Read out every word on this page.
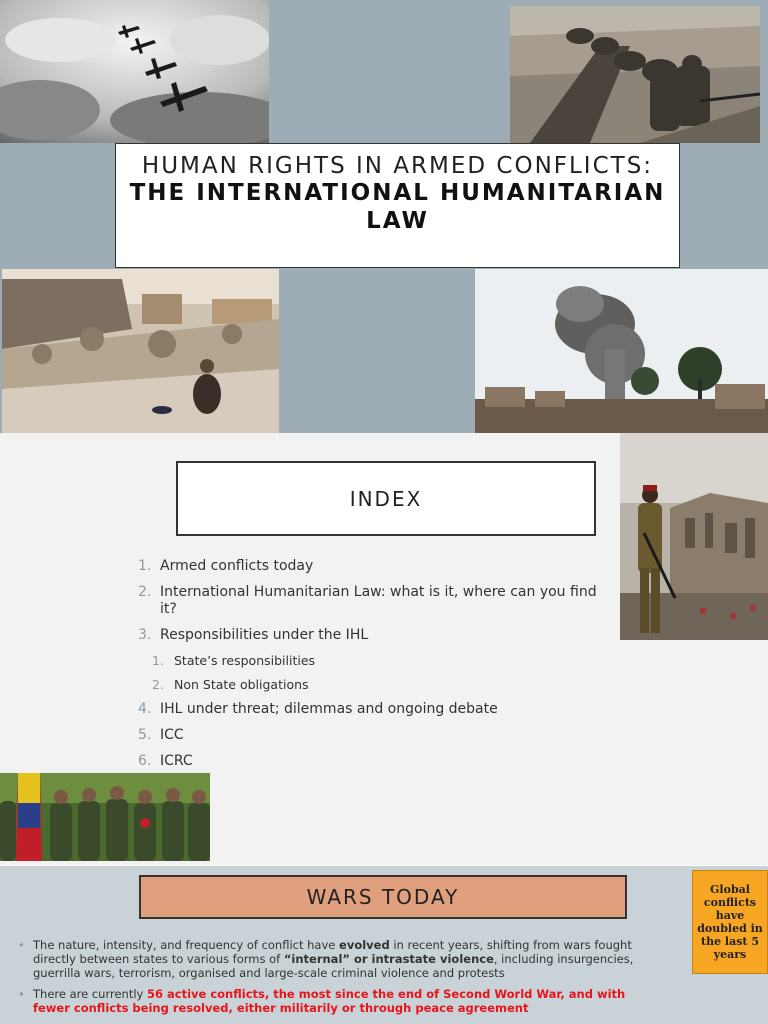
HUMAN RIGHTS IN ARMED CONFLICTS:
THE INTERNATIONAL HUMANITARIAN LAW
INDEX
1. Armed conflicts today
2. International Humanitarian Law: what is it, where can you find it?
3. Responsibilities under the IHL
1. State’s responsibilities
2. Non State obligations
4. IHL under threat; dilemmas and ongoing debate
5. ICC
6. ICRC
WARS TODAY	Global conflicts have doubled in the last 5 years
• The nature, intensity, and frequency of conflict have evolved in recent years, shifting from wars fought directly between states to various forms of “internal” or intrastate violence, including insurgencies, guerrilla wars, terrorism, organised and large-scale criminal violence and protests
• There are currently 56 active conflicts, the most since the end of Second World War, and with fewer conflicts being resolved, either militarily or through peace agreement
